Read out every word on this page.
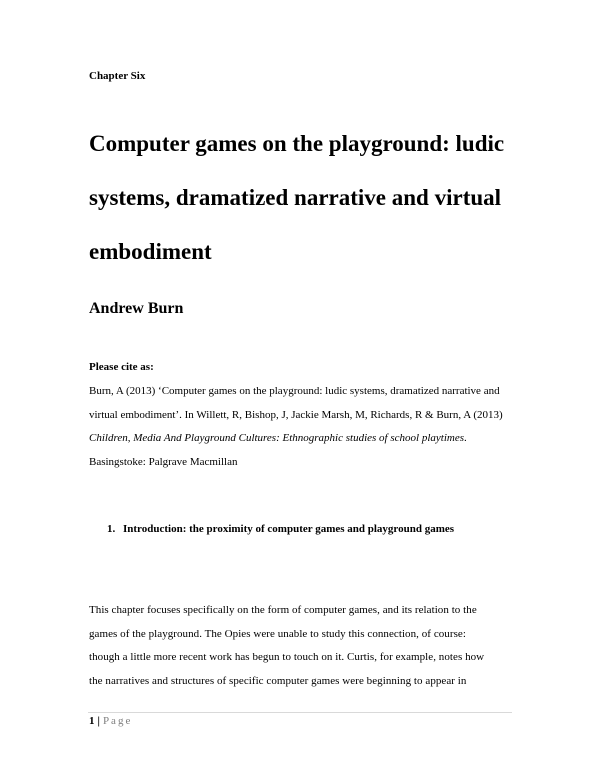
Chapter Six
Computer games on the playground: ludic systems, dramatized narrative and virtual embodiment
Andrew Burn
Please cite as:
Burn, A (2013) ‘Computer games on the playground: ludic systems, dramatized narrative and virtual embodiment’. In Willett, R, Bishop, J, Jackie Marsh, M, Richards, R & Burn, A (2013) Children, Media And Playground Cultures: Ethnographic studies of school playtimes. Basingstoke: Palgrave Macmillan
1. Introduction: the proximity of computer games and playground games
This chapter focuses specifically on the form of computer games, and its relation to the
games of the playground. The Opies were unable to study this connection, of course:
though a little more recent work has begun to touch on it. Curtis, for example, notes how
the narratives and structures of specific computer games were beginning to appear in
1 | Page
